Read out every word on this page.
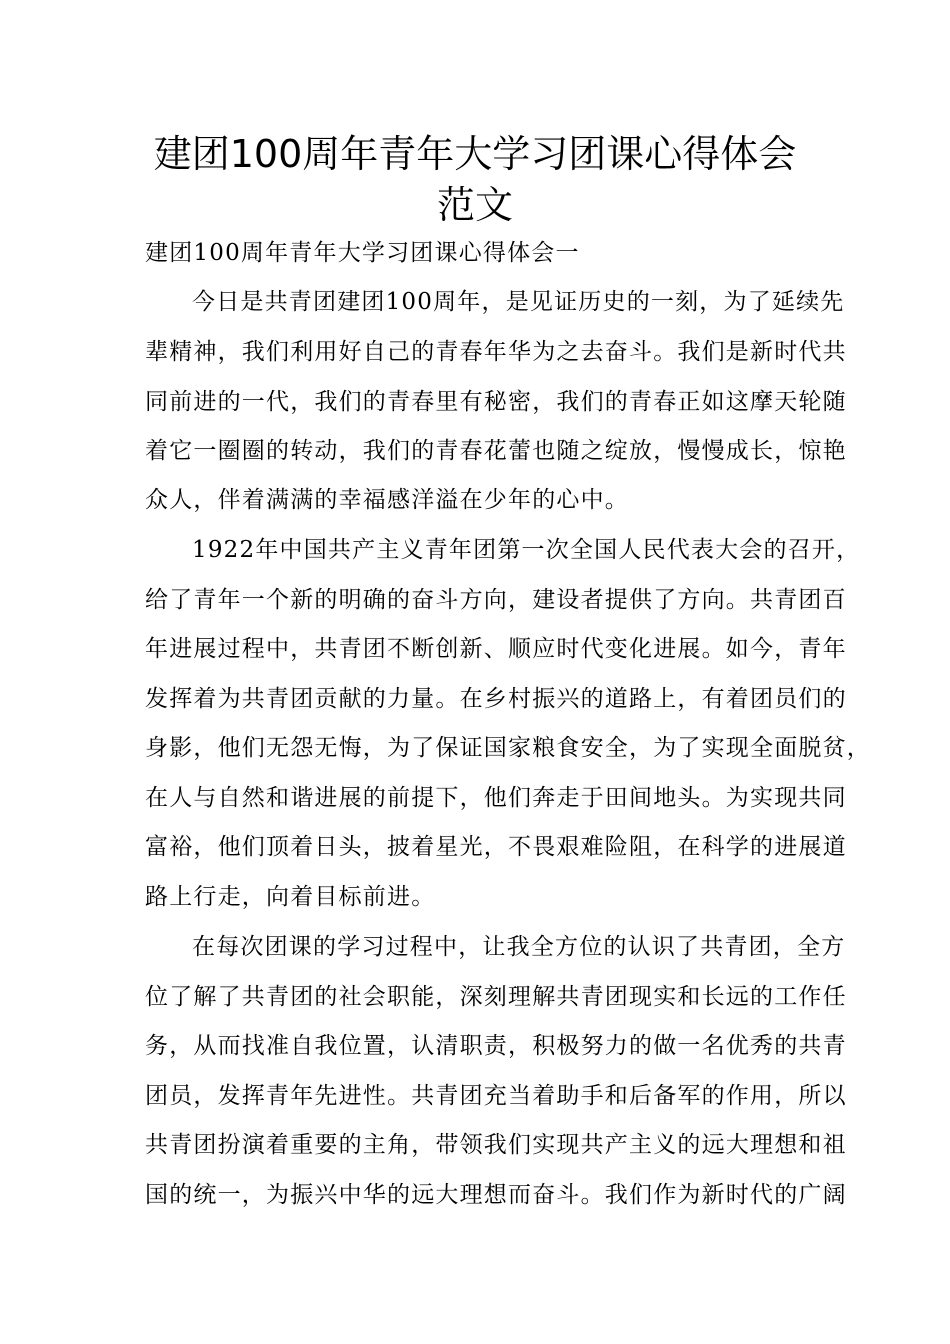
建团100周年青年大学习团课心得体会
范文
建团100周年青年大学习团课心得体会一
今日是共青团建团100周年，是见证历史的一刻，为了延续先
辈精神，我们利用好自己的青春年华为之去奋斗。我们是新时代共
同前进的一代，我们的青春里有秘密，我们的青春正如这摩天轮随
着它一圈圈的转动，我们的青春花蕾也随之绽放，慢慢成长，惊艳
众人，伴着满满的幸福感洋溢在少年的心中。
1922年中国共产主义青年团第一次全国人民代表大会的召开，
给了青年一个新的明确的奋斗方向，建设者提供了方向。共青团百
年进展过程中，共青团不断创新、顺应时代变化进展。如今，青年
发挥着为共青团贡献的力量。在乡村振兴的道路上，有着团员们的
身影，他们无怨无悔，为了保证国家粮食安全，为了实现全面脱贫，
在人与自然和谐进展的前提下，他们奔走于田间地头。为实现共同
富裕，他们顶着日头，披着星光，不畏艰难险阻，在科学的进展道
路上行走，向着目标前进。
在每次团课的学习过程中，让我全方位的认识了共青团，全方
位了解了共青团的社会职能，深刻理解共青团现实和长远的工作任
务，从而找准自我位置，认清职责，积极努力的做一名优秀的共青
团员，发挥青年先进性。共青团充当着助手和后备军的作用，所以
共青团扮演着重要的主角，带领我们实现共产主义的远大理想和祖
国的统一，为振兴中华的远大理想而奋斗。我们作为新时代的广阔
